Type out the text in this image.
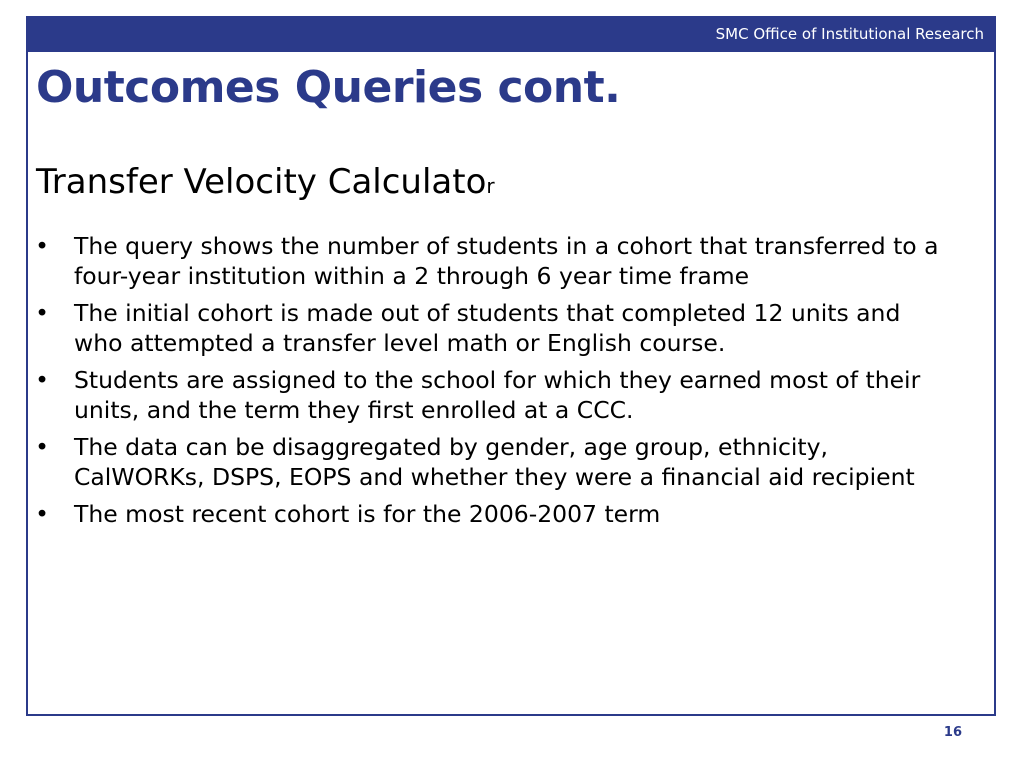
SMC Office of Institutional Research
Outcomes Queries cont.
Transfer Velocity Calculator
• The query shows the number of students in a cohort that transferred to a four-year institution within a 2 through 6 year time frame
• The initial cohort is made out of students that completed 12 units and who attempted a transfer level math or English course.
• Students are assigned to the school for which they earned most of their units, and the term they first enrolled at a CCC.
• The data can be disaggregated by gender, age group, ethnicity, CalWORKs, DSPS, EOPS and whether they were a financial aid recipient
• The most recent cohort is for the 2006-2007 term
16
